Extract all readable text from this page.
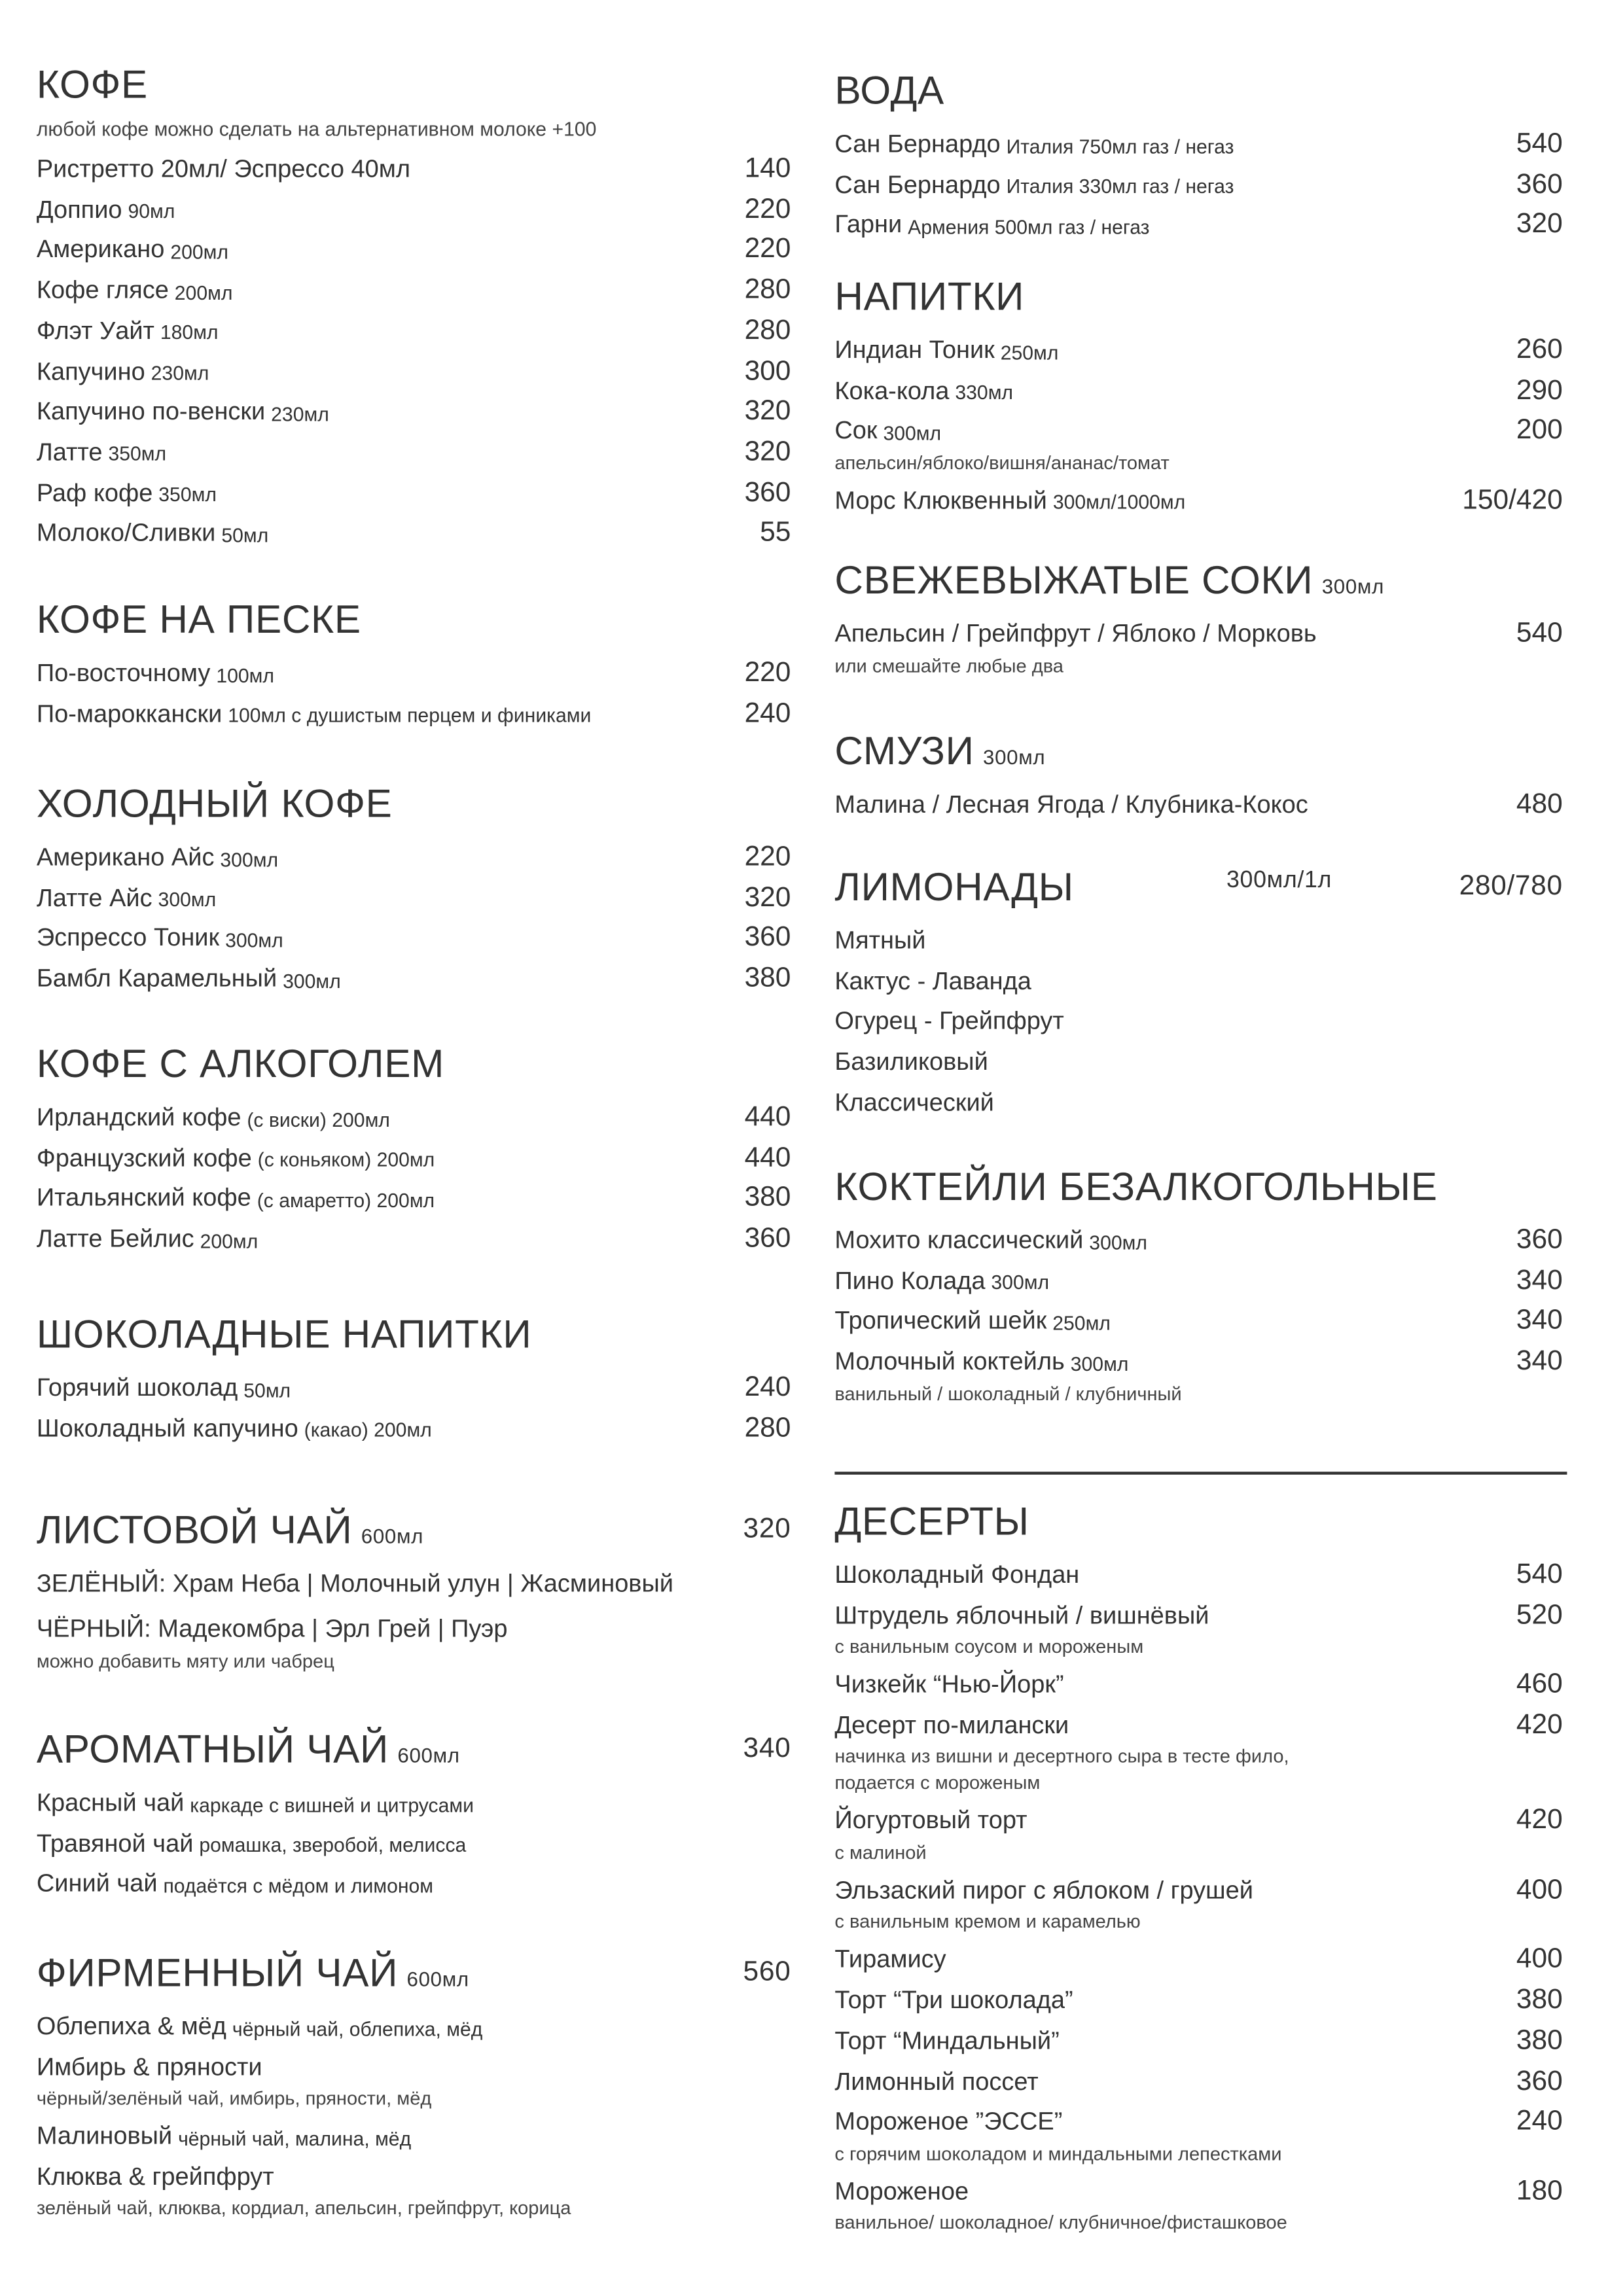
КОФЕ
любой кофе можно сделать на альтернативном молоке +100
Ристретто 20мл/ Эспрессо 40мл	140
Доппио 90мл	220
Американо 200мл	220
Кофе глясе 200мл	280
Флэт Уайт 180мл	280
Капучино 230мл	300
Капучино по-венски 230мл	320
Латте 350мл	320
Раф кофе 350мл	360
Молоко/Сливки 50мл	55
КОФЕ НА ПЕСКЕ
По-восточному 100мл	220
По-мароккански 100мл с душистым перцем и финиками	240
ХОЛОДНЫЙ КОФЕ
Американо Айс 300мл	220
Латте Айс 300мл	320
Эспрессо Тоник 300мл	360
Бамбл Карамельный 300мл	380
КОФЕ С АЛКОГОЛЕМ
Ирландский кофе (с виски) 200мл	440
Французский кофе (с коньяком) 200мл	440
Итальянский кофе (с амаретто) 200мл	380
Латте Бейлис 200мл	360
ШОКОЛАДНЫЕ НАПИТКИ
Горячий шоколад 50мл	240
Шоколадный капучино (какао) 200мл	280
ЛИСТОВОЙ ЧАЙ 600мл	320
ЗЕЛЁНЫЙ: Храм Неба | Молочный улун | Жасминовый
ЧЁРНЫЙ: Мадекомбра | Эрл Грей | Пуэр
можно добавить мяту или чабрец
АРОМАТНЫЙ ЧАЙ 600мл	340
Красный чай каркаде с вишней и цитрусами
Травяной чай ромашка, зверобой, мелисса
Синий чай подаётся с мёдом и лимоном
ФИРМЕННЫЙ ЧАЙ 600мл	560
Облепиха & мёд чёрный чай, облепиха, мёд
Имбирь & пряности
чёрный/зелёный чай, имбирь, пряности, мёд
Малиновый чёрный чай, малина, мёд
Клюква & грейпфрут
зелёный чай, клюква, кордиал, апельсин, грейпфрут, корица
ВОДА
Сан Бернардо Италия 750мл газ / негаз	540
Сан Бернардо Италия 330мл газ / негаз	360
Гарни Армения 500мл газ / негаз	320
НАПИТКИ
Индиан Тоник 250мл	260
Кока-кола 330мл	290
Сок 300мл	200
апельсин/яблоко/вишня/ананас/томат
Морс Клюквенный 300мл/1000мл	150/420
СВЕЖЕВЫЖАТЫЕ СОКИ 300мл
Апельсин / Грейпфрут / Яблоко / Морковь	540
или смешайте любые два
СМУЗИ 300мл
Малина / Лесная Ягода / Клубника-Кокос	480
ЛИМОНАДЫ	300мл/1л	280/780
Мятный
Кактус - Лаванда
Огурец - Грейпфрут
Базиликовый
Классический
КОКТЕЙЛИ БЕЗАЛКОГОЛЬНЫЕ
Мохито классический 300мл	360
Пино Колада 300мл	340
Тропический шейк 250мл	340
Молочный коктейль 300мл	340
ванильный / шоколадный / клубничный
ДЕСЕРТЫ
Шоколадный Фондан	540
Штрудель яблочный / вишнёвый	520
с ванильным соусом и мороженым
Чизкейк “Нью-Йорк”	460
Десерт по-милански	420
начинка из вишни и десертного сыра в тесте фило,
подается с мороженым
Йогуртовый торт	420
с малиной
Эльзаский пирог с яблоком / грушей	400
с ванильным кремом и карамелью
Тирамису	400
Торт “Три шоколада”	380
Торт “Миндальный”	380
Лимонный поссет	360
Мороженое ”ЭССЕ”	240
с горячим шоколадом и миндальными лепестками
Мороженое	180
ванильное/ шоколадное/ клубничное/фисташковое
